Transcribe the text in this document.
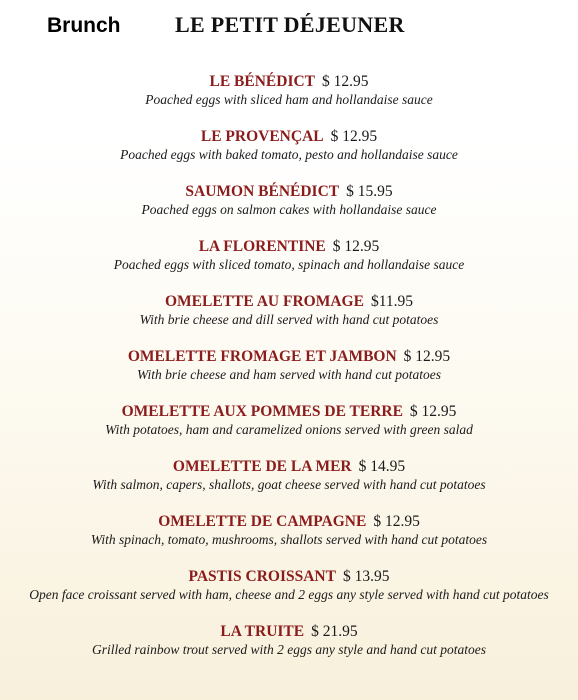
Brunch LE PETIT DÉJEUNER
LE BÉNÉDICT $ 12.95
Poached eggs with sliced ham and hollandaise sauce
LE PROVENÇAL $ 12.95
Poached eggs with baked tomato, pesto and hollandaise sauce
SAUMON BÉNÉDICT $ 15.95
Poached eggs on salmon cakes with hollandaise sauce
LA FLORENTINE $ 12.95
Poached eggs with sliced tomato, spinach and hollandaise sauce
OMELETTE AU FROMAGE $11.95
With brie cheese and dill served with hand cut potatoes
OMELETTE FROMAGE ET JAMBON $ 12.95
With brie cheese and ham served with hand cut potatoes
OMELETTE AUX POMMES DE TERRE $ 12.95
With potatoes, ham and caramelized onions served with green salad
OMELETTE DE LA MER $ 14.95
With salmon, capers, shallots, goat cheese served with hand cut potatoes
OMELETTE DE CAMPAGNE $ 12.95
With spinach, tomato, mushrooms, shallots served with hand cut potatoes
PASTIS CROISSANT $ 13.95
Open face croissant served with ham, cheese and 2 eggs any style served with hand cut potatoes
LA TRUITE $ 21.95
Grilled rainbow trout served with 2 eggs any style and hand cut potatoes
